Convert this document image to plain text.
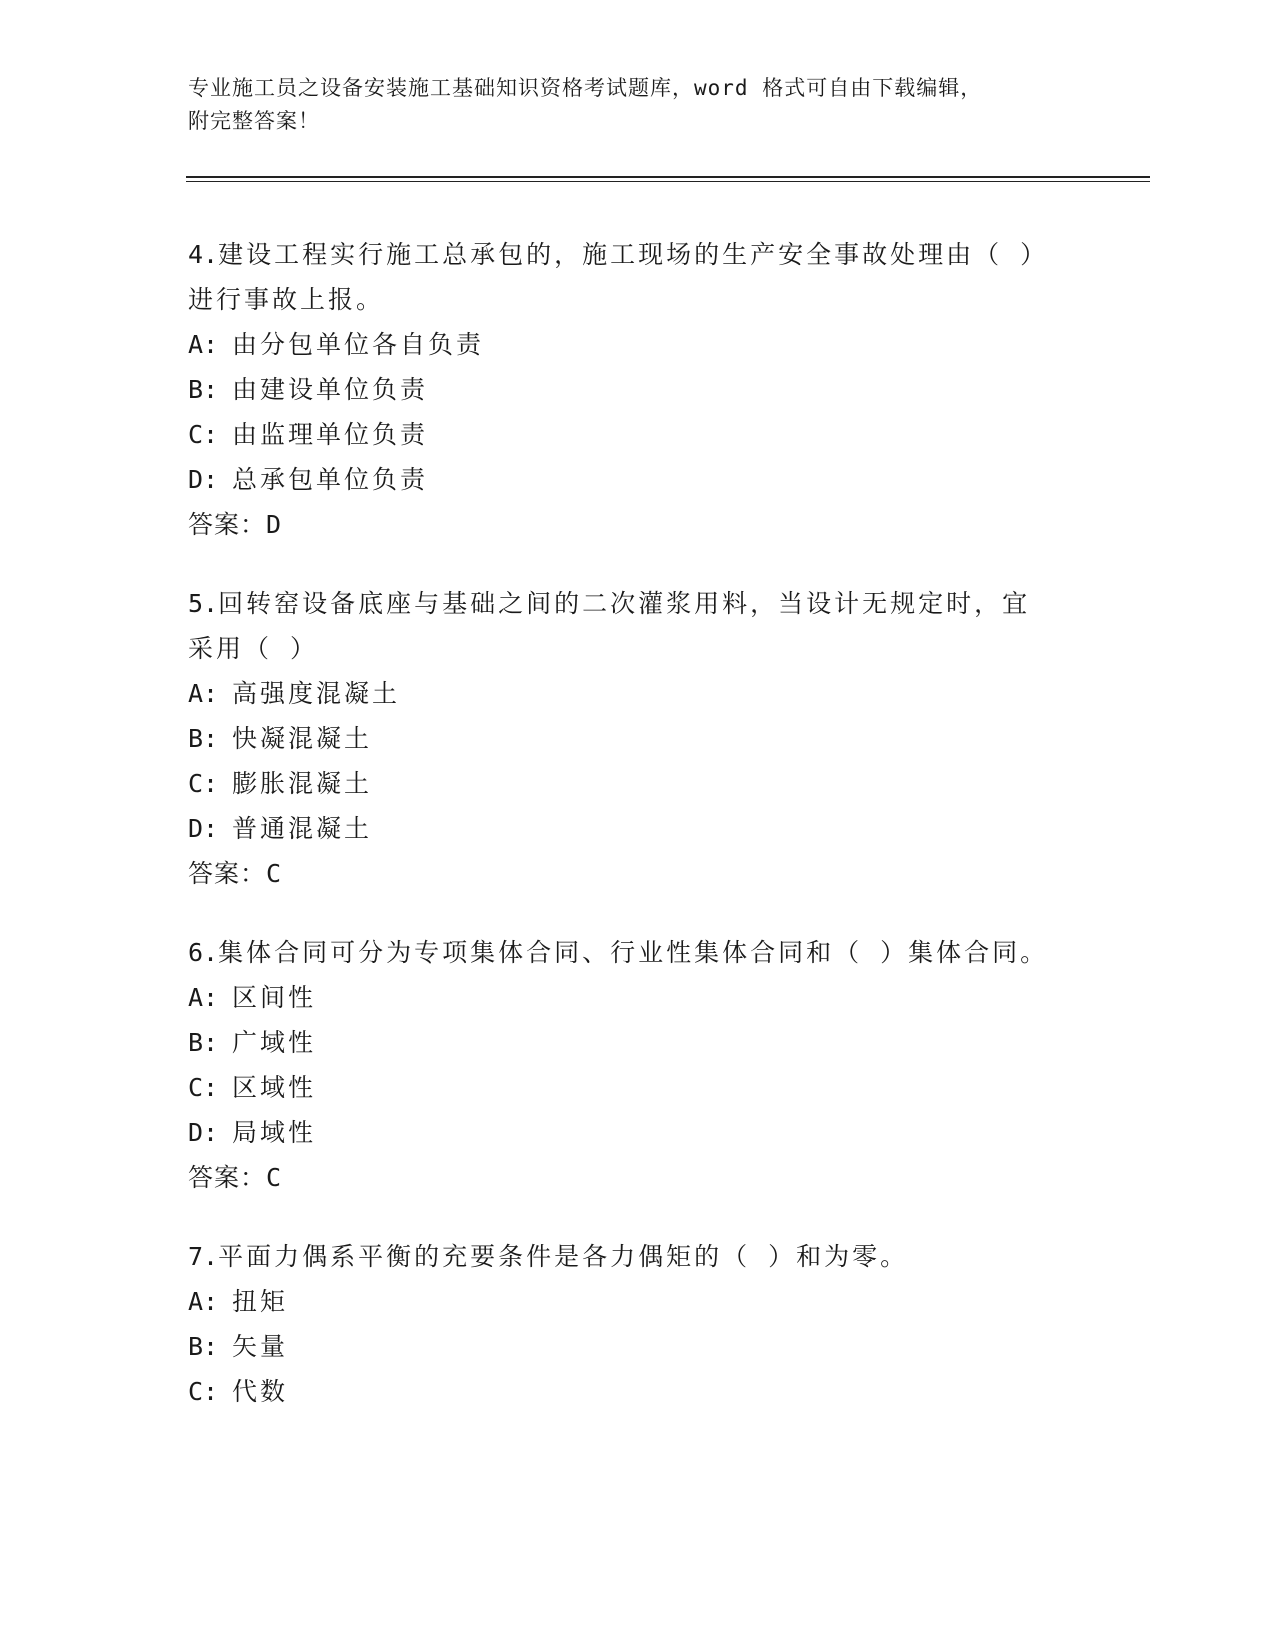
专业施工员之设备安装施工基础知识资格考试题库，word 格式可自由下载编辑，
附完整答案！
4.建设工程实行施工总承包的，施工现场的生产安全事故处理由（ ）
进行事故上报。
A: 由分包单位各自负责
B: 由建设单位负责
C: 由监理单位负责
D: 总承包单位负责
答案：D
5.回转窑设备底座与基础之间的二次灌浆用料，当设计无规定时，宜
采用（ ）
A: 高强度混凝土
B: 快凝混凝土
C: 膨胀混凝土
D: 普通混凝土
答案：C
6.集体合同可分为专项集体合同、行业性集体合同和（ ）集体合同。
A: 区间性
B: 广域性
C: 区域性
D: 局域性
答案：C
7.平面力偶系平衡的充要条件是各力偶矩的（ ）和为零。
A: 扭矩
B: 矢量
C: 代数
